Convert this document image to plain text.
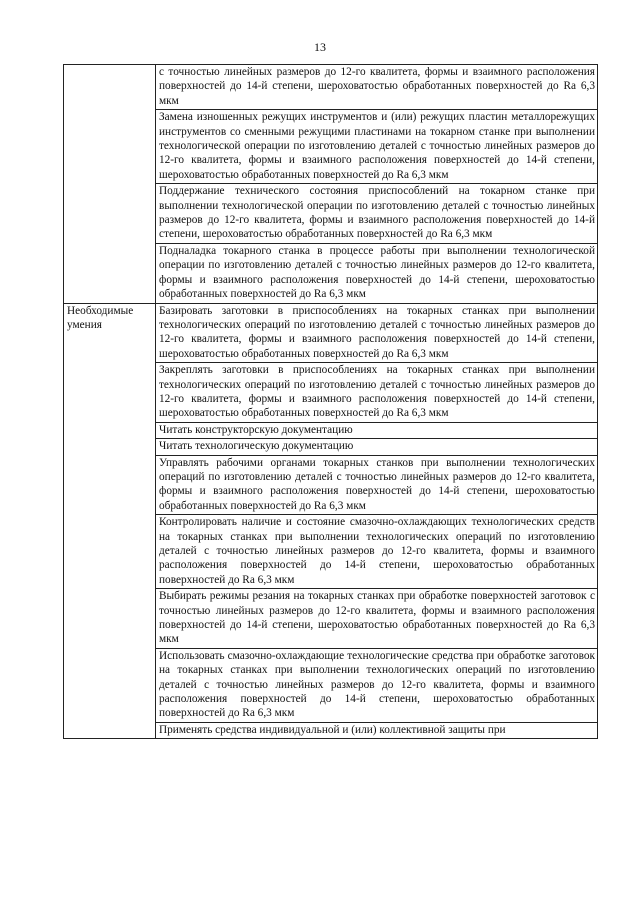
13
	с точностью линейных размеров до 12-го квалитета, формы и взаимного расположения поверхностей до 14-й степени, шероховатостью обработанных поверхностей до Ra 6,3 мкм
	Замена изношенных режущих инструментов и (или) режущих пластин металлорежущих инструментов со сменными режущими пластинами на токарном станке при выполнении технологической операции по изготовлению деталей с точностью линейных размеров до 12-го квалитета, формы и взаимного расположения поверхностей до 14-й степени, шероховатостью обработанных поверхностей до Ra 6,3 мкм
	Поддержание технического состояния приспособлений на токарном станке при выполнении технологической операции по изготовлению деталей с точностью линейных размеров до 12-го квалитета, формы и взаимного расположения поверхностей до 14-й степени, шероховатостью обработанных поверхностей до Ra 6,3 мкм
	Подналадка токарного станка в процессе работы при выполнении технологической операции по изготовлению деталей с точностью линейных размеров до 12-го квалитета, формы и взаимного расположения поверхностей до 14-й степени, шероховатостью обработанных поверхностей до Ra 6,3 мкм
Необходимые умения	Базировать заготовки в приспособлениях на токарных станках при выполнении технологических операций по изготовлению деталей с точностью линейных размеров до 12-го квалитета, формы и взаимного расположения поверхностей до 14-й степени, шероховатостью обработанных поверхностей до Ra 6,3 мкм
	Закреплять заготовки в приспособлениях на токарных станках при выполнении технологических операций по изготовлению деталей с точностью линейных размеров до 12-го квалитета, формы и взаимного расположения поверхностей до 14-й степени, шероховатостью обработанных поверхностей до Ra 6,3 мкм
	Читать конструкторскую документацию
	Читать технологическую документацию
	Управлять рабочими органами токарных станков при выполнении технологических операций по изготовлению деталей с точностью линейных размеров до 12-го квалитета, формы и взаимного расположения поверхностей до 14-й степени, шероховатостью обработанных поверхностей до Ra 6,3 мкм
	Контролировать наличие и состояние смазочно-охлаждающих технологических средств на токарных станках при выполнении технологических операций по изготовлению деталей с точностью линейных размеров до 12-го квалитета, формы и взаимного расположения поверхностей до 14-й степени, шероховатостью обработанных поверхностей до Ra 6,3 мкм
	Выбирать режимы резания на токарных станках при обработке поверхностей заготовок с точностью линейных размеров до 12-го квалитета, формы и взаимного расположения поверхностей до 14-й степени, шероховатостью обработанных поверхностей до Ra 6,3 мкм
	Использовать смазочно-охлаждающие технологические средства при обработке заготовок на токарных станках при выполнении технологических операций по изготовлению деталей с точностью линейных размеров до 12-го квалитета, формы и взаимного расположения поверхностей до 14-й степени, шероховатостью обработанных поверхностей до Ra 6,3 мкм
	Применять средства индивидуальной и (или) коллективной защиты при
